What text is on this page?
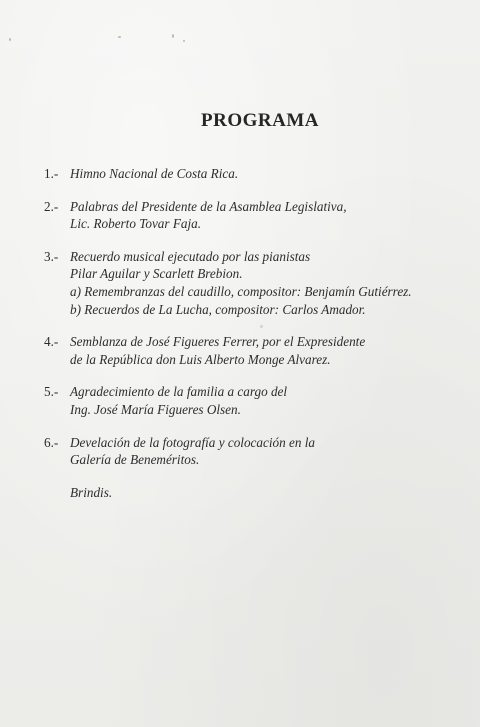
PROGRAMA
1.- Himno Nacional de Costa Rica.
2.- Palabras del Presidente de la Asamblea Legislativa,
Lic. Roberto Tovar Faja.
3.- Recuerdo musical ejecutado por las pianistas
Pilar Aguilar y Scarlett Brebion.
a) Remembranzas del caudillo, compositor: Benjamín Gutiérrez.
b) Recuerdos de La Lucha, compositor: Carlos Amador.
4.- Semblanza de José Figueres Ferrer, por el Expresidente
de la República don Luis Alberto Monge Alvarez.
5.- Agradecimiento de la familia a cargo del
Ing. José María Figueres Olsen.
6.- Develación de la fotografía y colocación en la
Galería de Beneméritos.
Brindis.
